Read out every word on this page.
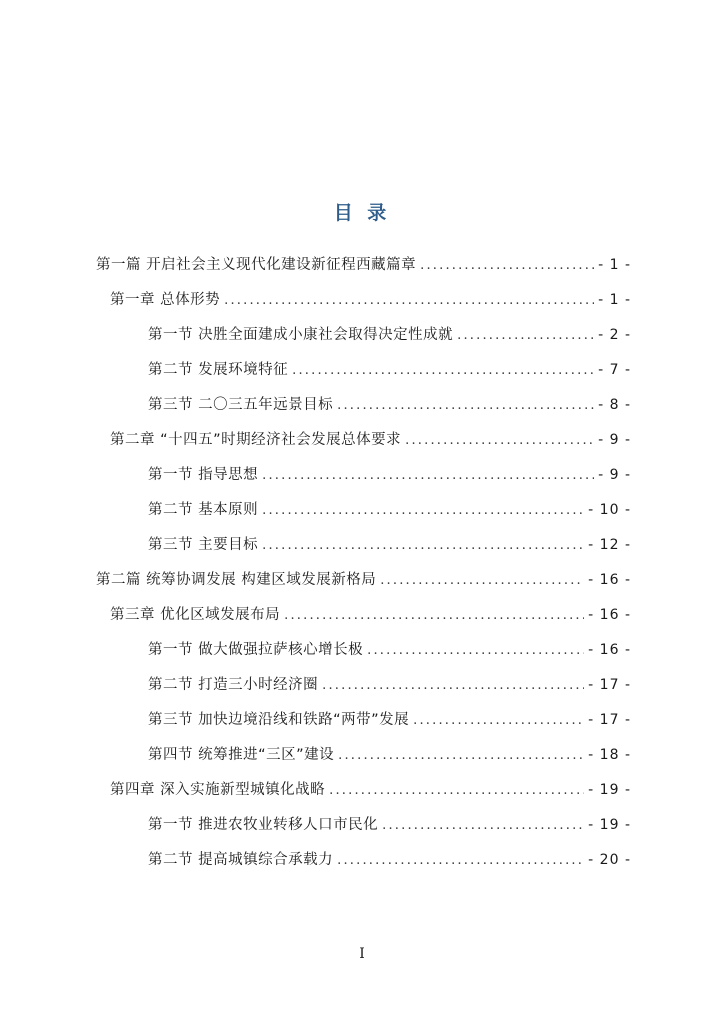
目 录
第一篇 开启社会主义现代化建设新征程西藏篇章 .....	- 1 -
第一章 总体形势 .....	- 1 -
第一节 决胜全面建成小康社会取得决定性成就 .....	- 2 -
第二节 发展环境特征 .....	- 7 -
第三节 二〇三五年远景目标 .....	- 8 -
第二章 “十四五”时期经济社会发展总体要求 .....	- 9 -
第一节 指导思想 .....	- 9 -
第二节 基本原则 .....	- 10 -
第三节 主要目标 .....	- 12 -
第二篇 统筹协调发展 构建区域发展新格局 .....	- 16 -
第三章 优化区域发展布局 .....	- 16 -
第一节 做大做强拉萨核心增长极 .....	- 16 -
第二节 打造三小时经济圈 .....	- 17 -
第三节 加快边境沿线和铁路“两带”发展 .....	- 17 -
第四节 统筹推进“三区”建设 .....	- 18 -
第四章 深入实施新型城镇化战略 .....	- 19 -
第一节 推进农牧业转移人口市民化 .....	- 19 -
第二节 提高城镇综合承载力 .....	- 20 -
I
